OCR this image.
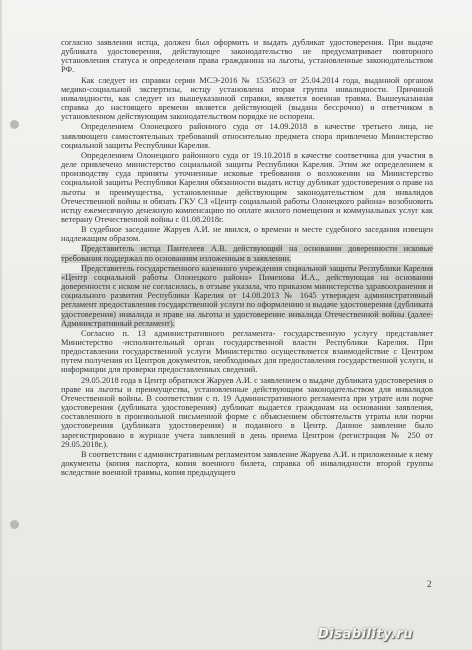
согласно заявления истца, должен был оформить и выдать дубликат удостоверения. При выдаче дубликата удостоверения, действующее законодательство не предусматривает повторного установления статуса и определения права гражданина на льготы, установленные законодательством РФ.

Как следует из справки серии МСЭ-2016 № 1535623 от 25.04.2014 года, выданной органом медико-социальной экспертизы, истцу установлена вторая группа инвалидности. Причиной инвалидности, как следует из вышеуказанной справки, является военная травма. Вышеуказанная справка до настоящего времени является действующей (выдана бессрочно) и ответчиком в установленном действующим законодательством порядке не оспорена.

Определением Олонецкого районного суда от 14.09.2018 в качестве третьего лица, не заявляющего самостоятельных требований относительно предмета спора привлечено Министерство социальной защиты Республики Карелия.

Определением Олонецкого районного суда от 19.10.2018 в качестве соответчика для участия в деле привлечено министерство социальной защиты Республики Карелия. Этим же определением к производству суда приняты уточненные исковые требования о возложении на Министерство социальной защиты Республики Карелия обязанности выдать истцу дубликат удостоверения о праве на льготы и преимущества, установленные действующим законодательством для инвалидов Отечественной войны и обязать ГКУ СЗ «Центр социальной работы Олонецкого района» возобновить истцу ежемесячную денежную компенсацию по оплате жилого помещения и коммунальных услуг как ветерану Отечественной войны с 01.08.2018г.

В судебное заседание Жаруев А.И. не явился, о времени и месте судебного заседания извещен надлежащим образом.

Представитель истца Пантелеев А.В. действующий на основании доверенности исковые требования поддержал по основаниям изложенным в заявлении.

Представитель государственного казенного учреждения социальной защиты Республики Карелия «Центр социальной работы Олонецкого района» Пименова И.А., действующая на основании доверенности с иском не согласилась, в отзыве указала, что приказом министерства здравоохранения и социального развития Республики Карелия от 14.08.2013 № 1645 утвержден административный регламент предоставления государственной услуги по оформлению и выдаче удостоверения (дубликата удостоверения) инвалида и праве на льготы и удостоверение инвалида Отечественной войны (далее- Административный регламент).

Согласно п. 13 административного регламента- государственную услугу представляет Министерство -исполнительный орган государственной власти Республики Карелия. При предоставлении государственной услуги Министерство осуществляется взаимодействие с Центром путем получения из Центров документов, необходимых для предоставления государственной услуги, и информации для проверки предоставленных сведений.

29.05.2018 года в Центр обратился Жаруев А.И. с заявлением о выдаче дубликата удостоверения о праве на льготы и преимущества, установленные действующим законодательством для инвалидов Отечественной войны. В соответствии с п. 19 Административного регламента при утрате или порче удостоверения (дубликата удостоверения) дубликат выдается гражданам на основании заявления, составленного в произвольной письменной форме с объяснением обстоятельств утраты или порчи удостоверения (дубликата удостоверения) и поданного в Центр. Данное заявление было зарегистрировано в журнале учета заявлений в день приема Центром (регистрация № 250 от 29.05.2018г.).

В соответствии с административным регламентом заявление Жаруева А.И. и приложенные к нему документы (копия паспорта, копия военного билета, справка об инвалидности второй группы вследствие военной травмы, копия предыдущего

2
Disability.ru
